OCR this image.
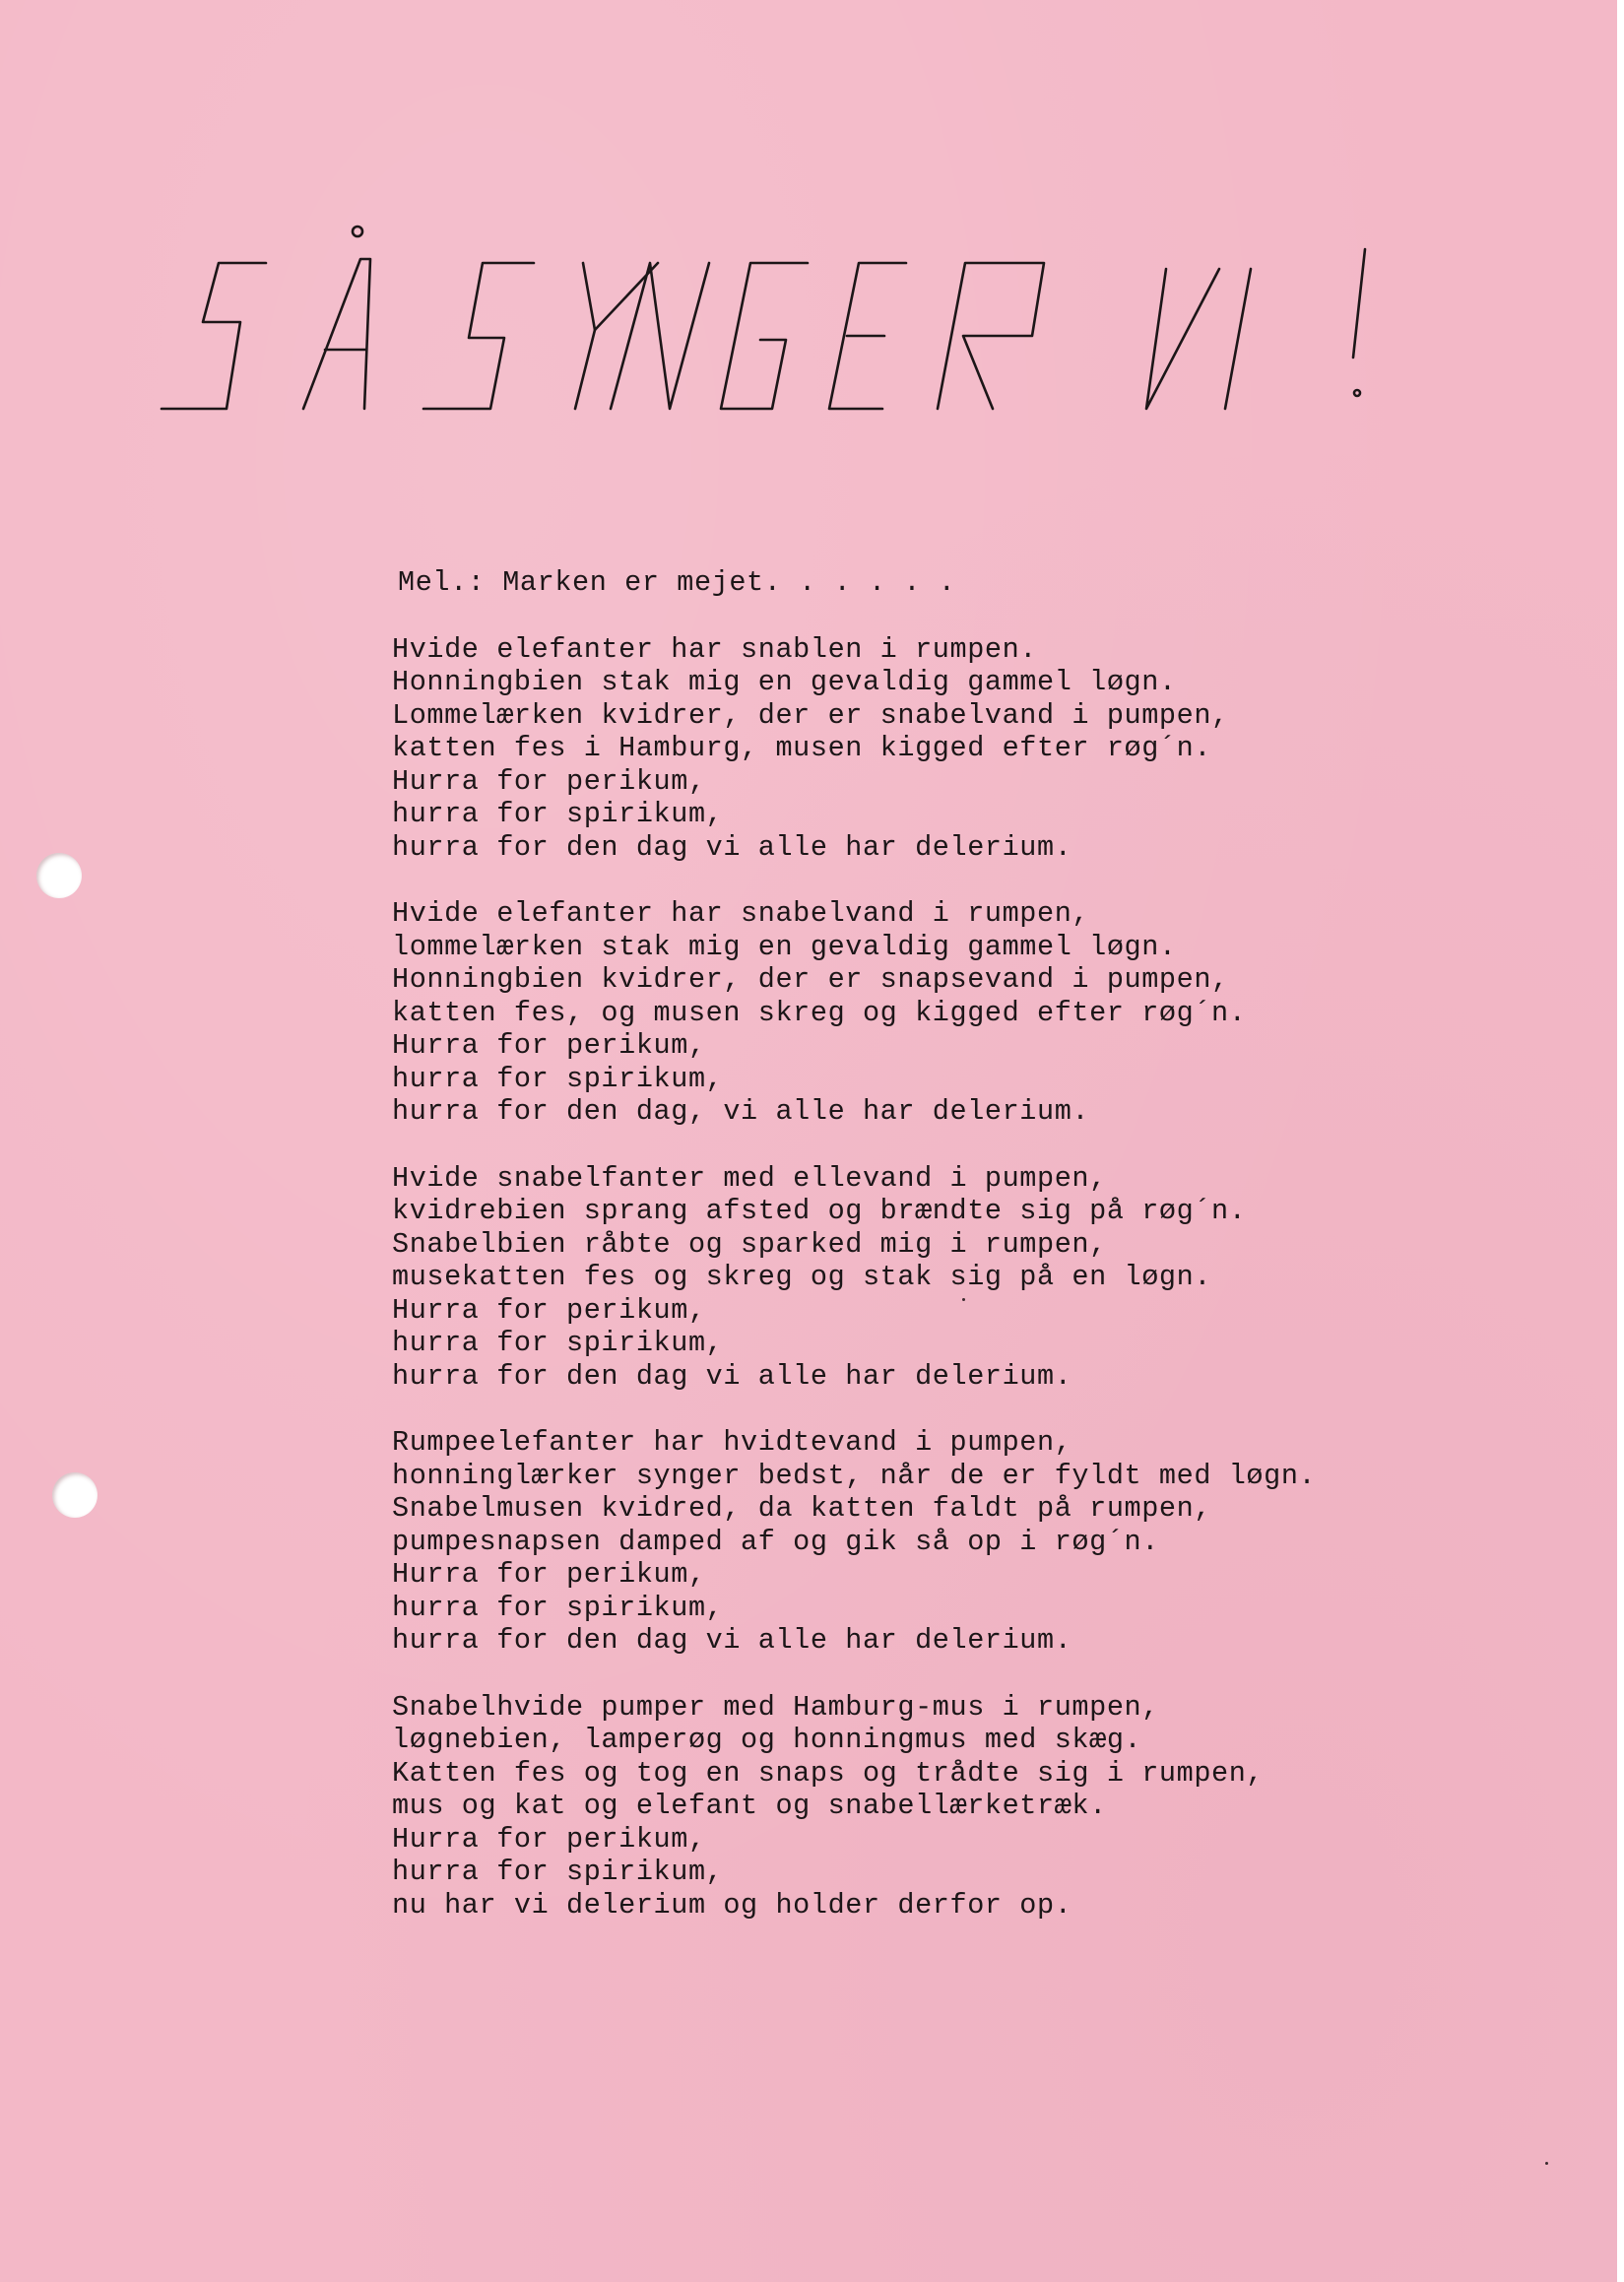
Mel.: Marken er mejet. . . . . .
Hvide elefanter har snablen i rumpen.
Honningbien stak mig en gevaldig gammel løgn.
Lommelærken kvidrer, der er snabelvand i pumpen,
katten fes i Hamburg, musen kigged efter røg´n.
Hurra for perikum,
hurra for spirikum,
hurra for den dag vi alle har delerium.
Hvide elefanter har snabelvand i rumpen,
lommelærken stak mig en gevaldig gammel løgn.
Honningbien kvidrer, der er snapsevand i pumpen,
katten fes, og musen skreg og kigged efter røg´n.
Hurra for perikum,
hurra for spirikum,
hurra for den dag, vi alle har delerium.
Hvide snabelfanter med ellevand i pumpen,
kvidrebien sprang afsted og brændte sig på røg´n.
Snabelbien råbte og sparked mig i rumpen,
musekatten fes og skreg og stak sig på en løgn.
Hurra for perikum,
hurra for spirikum,
hurra for den dag vi alle har delerium.
Rumpeelefanter har hvidtevand i pumpen,
honninglærker synger bedst, når de er fyldt med løgn.
Snabelmusen kvidred, da katten faldt på rumpen,
pumpesnapsen damped af og gik så op i røg´n.
Hurra for perikum,
hurra for spirikum,
hurra for den dag vi alle har delerium.
Snabelhvide pumper med Hamburg-mus i rumpen,
løgnebien, lamperøg og honningmus med skæg.
Katten fes og tog en snaps og trådte sig i rumpen,
mus og kat og elefant og snabellærketræk.
Hurra for perikum,
hurra for spirikum,
nu har vi delerium og holder derfor op.
